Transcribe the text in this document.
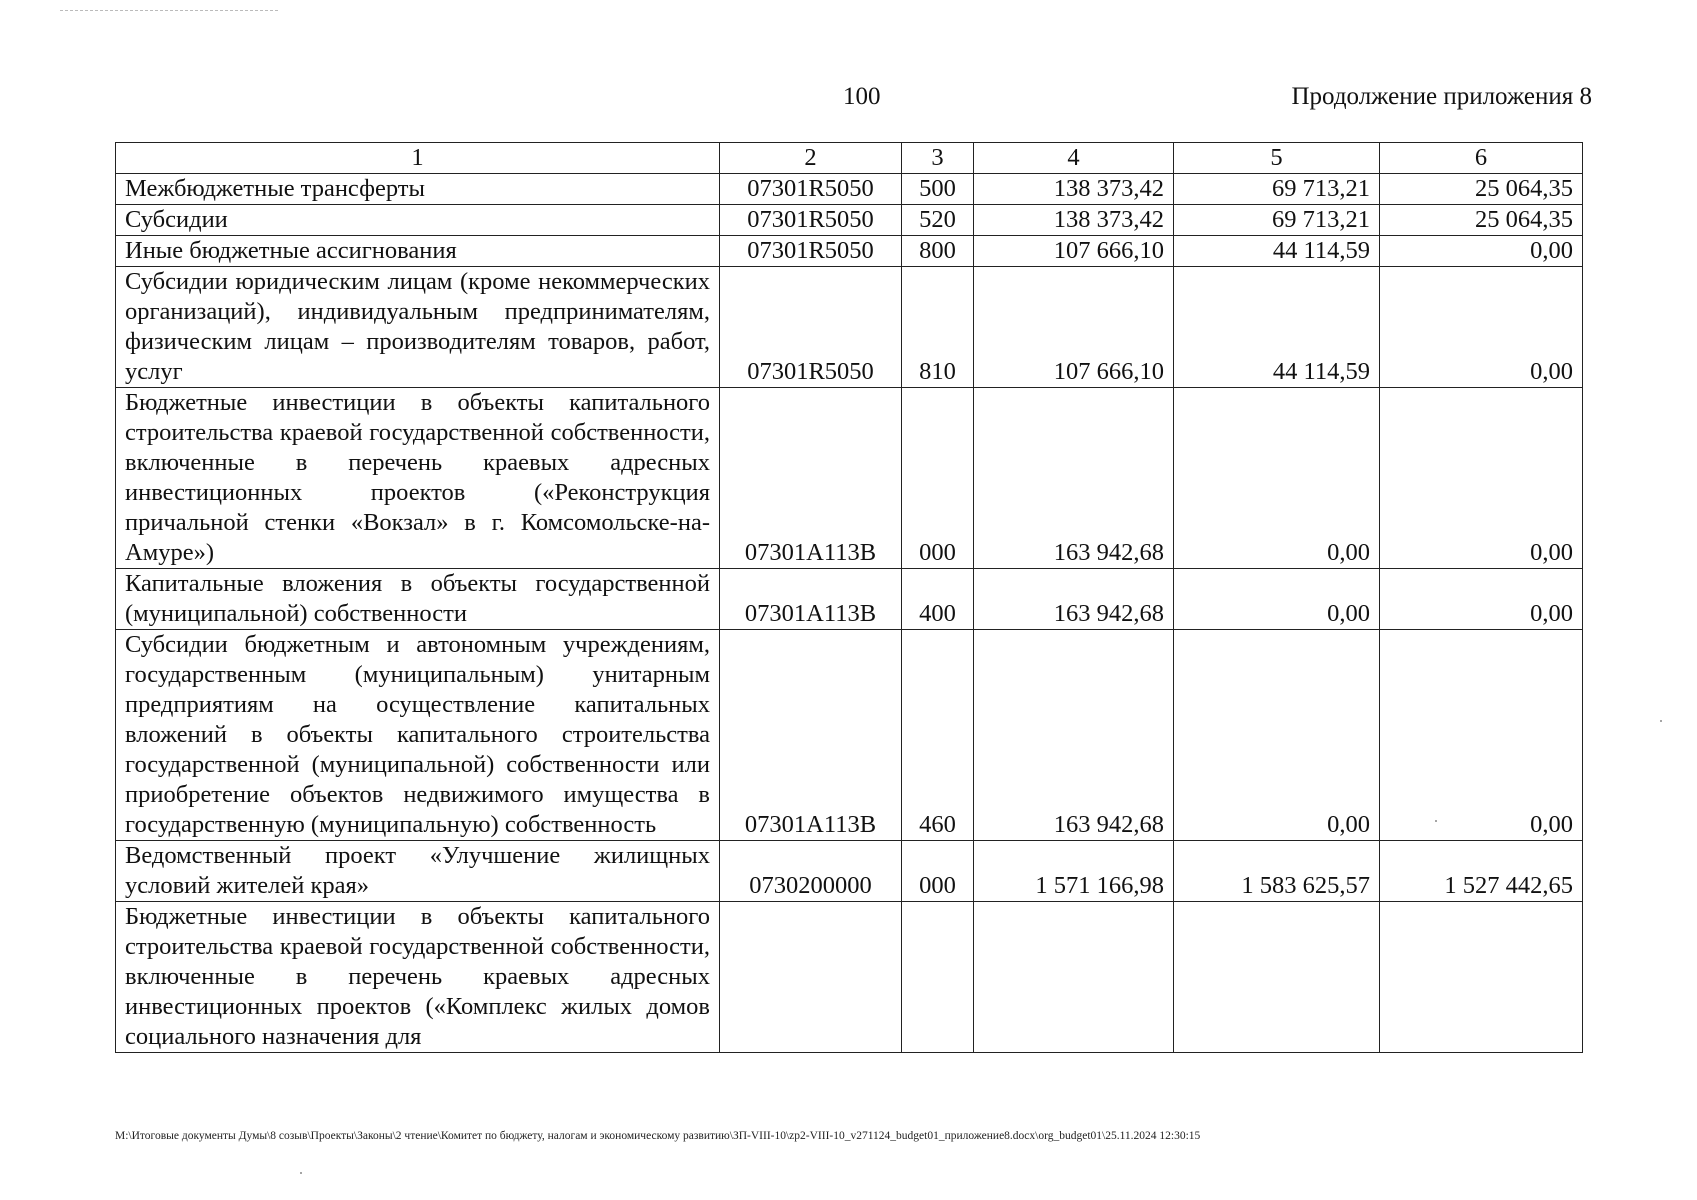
100	Продолжение приложения 8
1	2	3	4	5	6
Межбюджетные трансферты	07301R5050	500	138 373,42	69 713,21	25 064,35
Субсидии	07301R5050	520	138 373,42	69 713,21	25 064,35
Иные бюджетные ассигнования	07301R5050	800	107 666,10	44 114,59	0,00
Субсидии юридическим лицам (кроме некоммерческих организаций), индивидуальным предпринимателям, физическим лицам – производителям товаров, работ, услуг	07301R5050	810	107 666,10	44 114,59	0,00
Бюджетные инвестиции в объекты капитального строительства краевой государственной собственности, включенные в перечень краевых адресных инвестиционных проектов («Реконструкция причальной стенки «Вокзал» в г. Комсомольске-на-Амуре»)	07301А113В	000	163 942,68	0,00	0,00
Капитальные вложения в объекты государственной (муниципальной) собственности	07301А113В	400	163 942,68	0,00	0,00
Субсидии бюджетным и автономным учреждениям, государственным (муниципальным) унитарным предприятиям на осуществление капитальных вложений в объекты капитального строительства государственной (муниципальной) собственности или приобретение объектов недвижимого имущества в государственную (муниципальную) собственность	07301А113В	460	163 942,68	0,00	0,00
Ведомственный проект «Улучшение жилищных условий жителей края»	0730200000	000	1 571 166,98	1 583 625,57	1 527 442,65
Бюджетные инвестиции в объекты капитального строительства краевой государственной собственности, включенные в перечень краевых адресных инвестиционных проектов («Комплекс жилых домов социального назначения для					
М:\Итоговые документы Думы\8 созыв\Проекты\Законы\2 чтение\Комитет по бюджету, налогам и экономическому развитию\ЗП-VIII-10\zp2-VIII-10_v271124_budget01_приложение8.docx\org_budget01\25.11.2024 12:30:15
